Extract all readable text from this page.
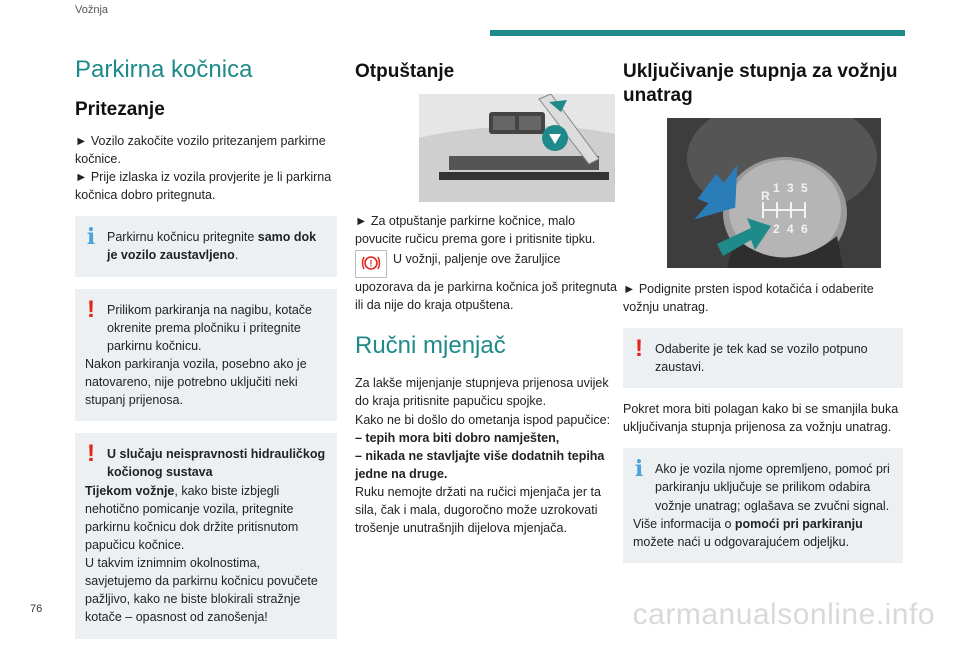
Vožnja
Parkirna kočnica
Pritezanje

► Vozilo zakočite vozilo pritezanjem parkirne kočnice.

► Prije izlaska iz vozila provjerite je li parkirna kočnica dobro pritegnuta.

i Parkirnu kočnicu pritegnite samo dok je vozilo zaustavljeno.
! Prilikom parkiranja na nagibu, kotače okrenite prema pločniku i pritegnite parkirnu kočnicu.
Nakon parkiranja vozila, posebno ako je natovareno, nije potrebno uključiti neki stupanj prijenosa.
! U slučaju neispravnosti hidrauličkog kočionog sustava
Tijekom vožnje, kako biste izbjegli nehotično pomicanje vozila, pritegnite parkirnu kočnicu dok držite pritisnutom papučicu kočnice.
U takvim iznimnim okolnostima, savjetujemo da parkirnu kočnicu povučete pažljivo, kako ne biste blokirali stražnje kotače – opasnost od zanošenja!
Otpuštanje

► Za otpuštanje parkirne kočnice, malo povucite ručicu prema gore i pritisnite tipku.

! U vožnji, paljenje ove žaruljice upozorava da je parkirna kočnica još pritegnuta ili da nije do kraja otpuštena.
Ručni mjenjač

Za lakše mijenjanje stupnjeva prijenosa uvijek do kraja pritisnite papučicu spojke.

Kako ne bi došlo do ometanja ispod papučice:

– tepih mora biti dobro namješten,

– nikada ne stavljajte više dodatnih tepiha jedne na druge.

Ruku nemojte držati na ručici mjenjača jer ta sila, čak i mala, dugoročno može uzrokovati trošenje unutrašnjih dijelova mjenjača.

Uključivanje stupnja za vožnju unatrag
R
1 3 5
2 4 6

► Podignite prsten ispod kotačića i odaberite vožnju unatrag.

! Odaberite je tek kad se vozilo potpuno zaustavi.

Pokret mora biti polagan kako bi se smanjila buka uključivanja stupnja prijenosa za vožnju unatrag.

i Ako je vozila njome opremljeno, pomoć pri parkiranju uključuje se prilikom odabira vožnje unatrag; oglašava se zvučni signal.
Više informacija o pomoći pri parkiranju možete naći u odgovarajućem odjeljku.
76	carmanualsonline.info
